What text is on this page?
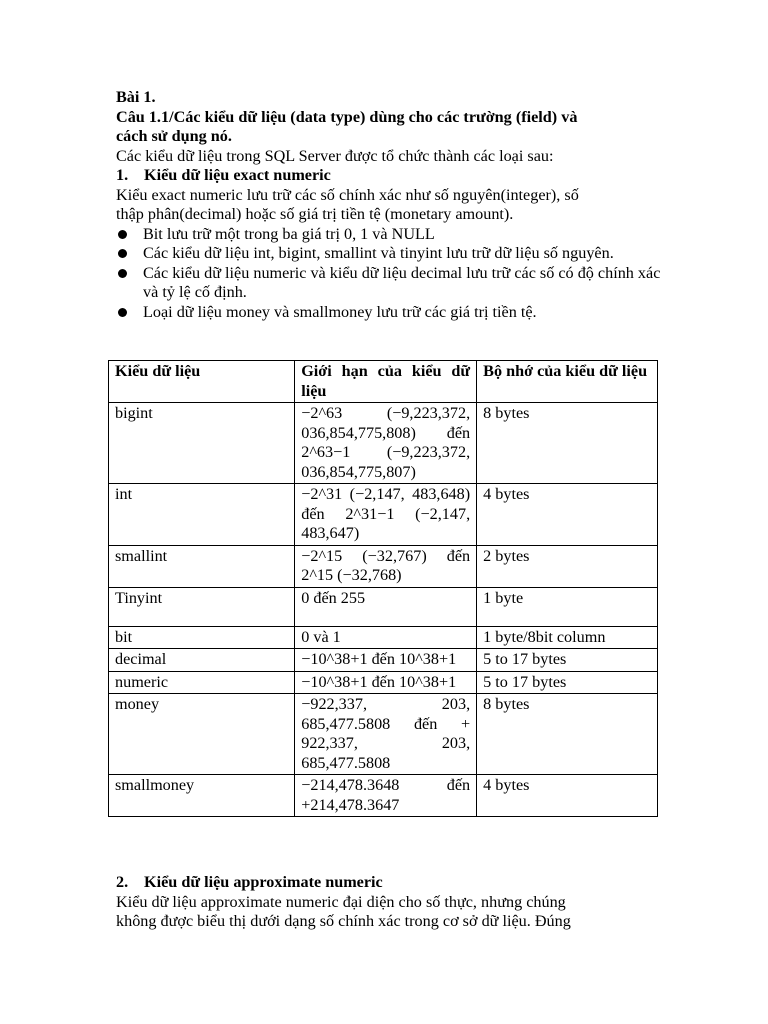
Bài 1.
Câu 1.1/Các kiểu dữ liệu (data type) dùng cho các trường (field) và
cách sử dụng nó.
Các kiểu dữ liệu trong SQL Server được tổ chức thành các loại sau:
1. Kiểu dữ liệu exact numeric
Kiểu exact numeric lưu trữ các số chính xác như số nguyên(integer), số
thập phân(decimal) hoặc số giá trị tiền tệ (monetary amount).
Bit lưu trữ một trong ba giá trị 0, 1 và NULL
Các kiểu dữ liệu int, bigint, smallint và tinyint lưu trữ dữ liệu số nguyên.
Các kiểu dữ liệu numeric và kiểu dữ liệu decimal lưu trữ các số có độ chính xác và tỷ lệ cố định.
Loại dữ liệu money và smallmoney lưu trữ các giá trị tiền tệ.
Kiểu dữ liệu	Giới hạn của kiểu dữ liệu	Bộ nhớ của kiểu dữ liệu
bigint	−2^63 (−9,223,372, 036,854,775,808) đến 2^63−1 (−9,223,372, 036,854,775,807)	8 bytes
int	−2^31 (−2,147, 483,648) đến 2^31−1 (−2,147, 483,647)	4 bytes
smallint	−2^15 (−32,767) đến 2^15 (−32,768)	2 bytes
Tinyint	0 đến 255	1 byte
bit	0 và 1	1 byte/8bit column
decimal	−10^38+1 đến 10^38+1	5 to 17 bytes
numeric	−10^38+1 đến 10^38+1	5 to 17 bytes
money	−922,337, 203, 685,477.5808 đến + 922,337, 203, 685,477.5808	8 bytes
smallmoney	−214,478.3648 đến +214,478.3647	4 bytes
2. Kiểu dữ liệu approximate numeric
Kiểu dữ liệu approximate numeric đại diện cho số thực, nhưng chúng
không được biểu thị dưới dạng số chính xác trong cơ sở dữ liệu. Đúng
